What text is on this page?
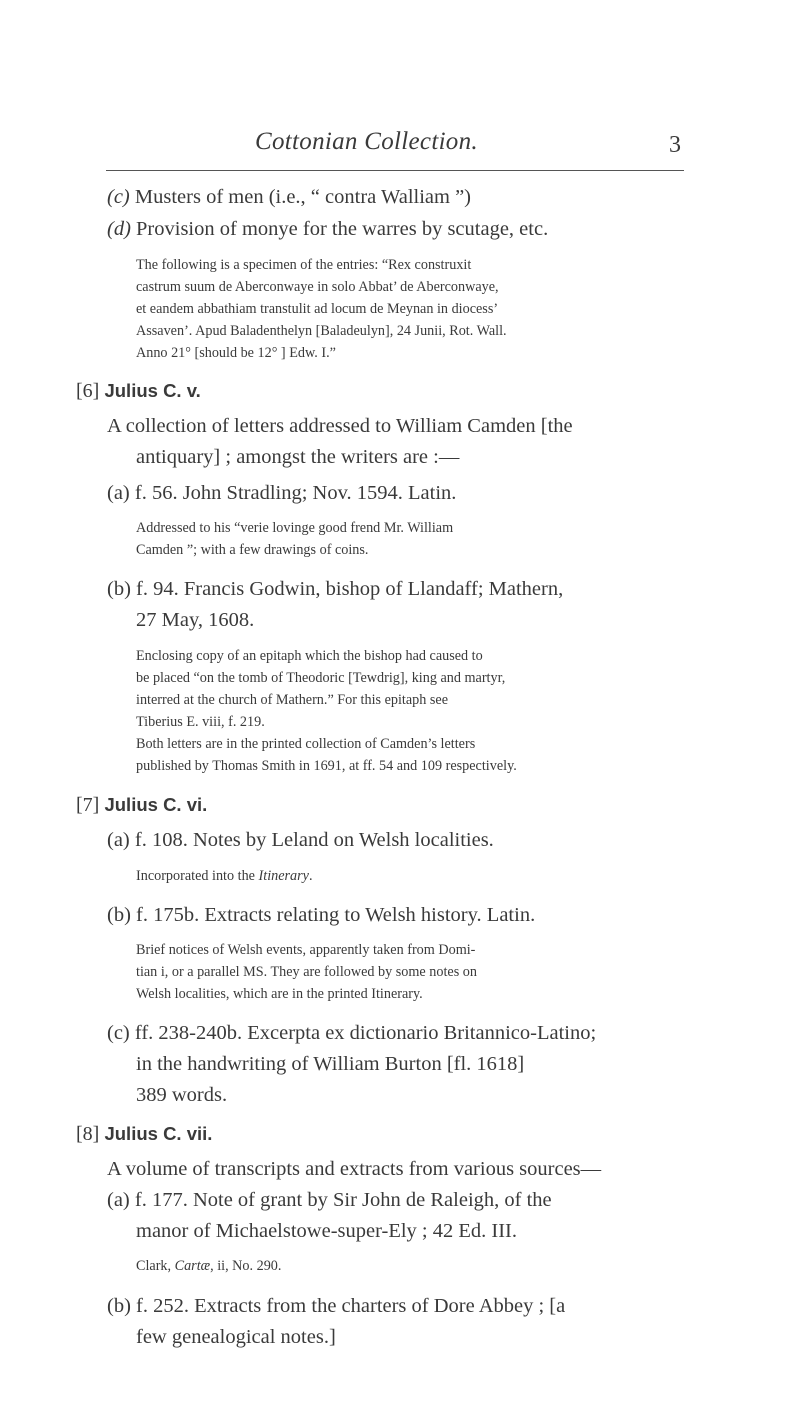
Cottonian Collection.	3
(c) Musters of men (i.e., “ contra Walliam ”)
(d) Provision of monye for the warres by scutage, etc.
The following is a specimen of the entries: “Rex construxit
castrum suum de Aberconwaye in solo Abbat’ de Aberconwaye,
et eandem abbathiam transtulit ad locum de Meynan in diocess’
Assaven’. Apud Baladenthelyn [Baladeulyn], 24 Junii, Rot. Wall.
Anno 21° [should be 12° ] Edw. I.”
[6] Julius C. v.
A collection of letters addressed to William Camden [the
antiquary] ; amongst the writers are :—
(a) f. 56. John Stradling; Nov. 1594. Latin.
Addressed to his “verie lovinge good frend Mr. William
Camden ”; with a few drawings of coins.
(b) f. 94. Francis Godwin, bishop of Llandaff; Mathern,
27 May, 1608.
Enclosing copy of an epitaph which the bishop had caused to
be placed “on the tomb of Theodoric [Tewdrig], king and martyr,
interred at the church of Mathern.” For this epitaph see
Tiberius E. viii, f. 219.
Both letters are in the printed collection of Camden’s letters
published by Thomas Smith in 1691, at ff. 54 and 109 respectively.
[7] Julius C. vi.
(a) f. 108. Notes by Leland on Welsh localities.
Incorporated into the Itinerary.
(b) f. 175b. Extracts relating to Welsh history. Latin.
Brief notices of Welsh events, apparently taken from Domi-
tian i, or a parallel MS. They are followed by some notes on
Welsh localities, which are in the printed Itinerary.
(c) ff. 238-240b. Excerpta ex dictionario Britannico-Latino;
in the handwriting of William Burton [fl. 1618]
389 words.
[8] Julius C. vii.
A volume of transcripts and extracts from various sources—
(a) f. 177. Note of grant by Sir John de Raleigh, of the
manor of Michaelstowe-super-Ely ; 42 Ed. III.
Clark, Cartæ, ii, No. 290.
(b) f. 252. Extracts from the charters of Dore Abbey ; [a
few genealogical notes.]
